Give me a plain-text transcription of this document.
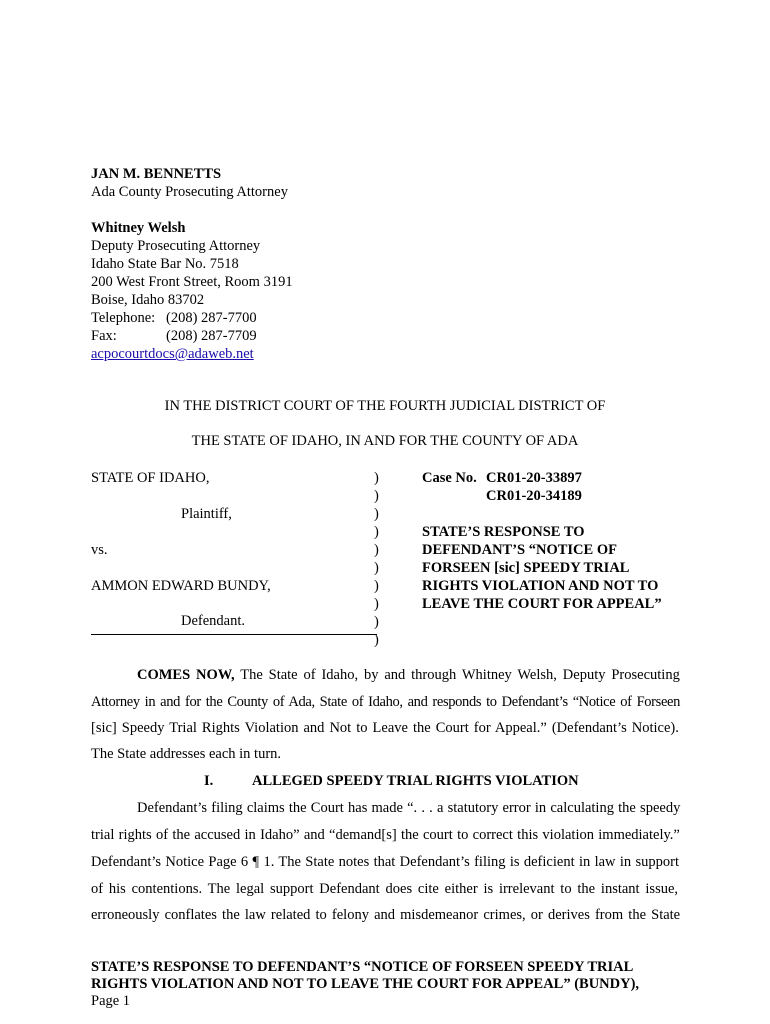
JAN M. BENNETTS
Ada County Prosecuting Attorney
Whitney Welsh
Deputy Prosecuting Attorney
Idaho State Bar No. 7518
200 West Front Street, Room 3191
Boise, Idaho 83702
Telephone: (208) 287-7700
Fax:	(208) 287-7709
acpocourtdocs@adaweb.net
IN THE DISTRICT COURT OF THE FOURTH JUDICIAL DISTRICT OF
THE STATE OF IDAHO, IN AND FOR THE COUNTY OF ADA
STATE OF IDAHO,
Plaintiff,
vs.
AMMON EDWARD BUNDY,
Defendant.
)
)
)
)
)
)
)
)
)
)
Case No. CR01-20-33897
CR01-20-34189
STATE’S RESPONSE TO
DEFENDANT’S “NOTICE OF
FORSEEN [sic] SPEEDY TRIAL
RIGHTS VIOLATION AND NOT TO
LEAVE THE COURT FOR APPEAL”
COMES NOW, The State of Idaho, by and through Whitney Welsh, Deputy Prosecuting
Attorney in and for the County of Ada, State of Idaho, and responds to Defendant’s “Notice of Forseen
[sic] Speedy Trial Rights Violation and Not to Leave the Court for Appeal.” (Defendant’s Notice).
The State addresses each in turn.
I.	ALLEGED SPEEDY TRIAL RIGHTS VIOLATION
Defendant’s filing claims the Court has made “. . . a statutory error in calculating the speedy
trial rights of the accused in Idaho” and “demand[s] the court to correct this violation immediately.”
Defendant’s Notice Page 6 ¶ 1. The State notes that Defendant’s filing is deficient in law in support
of his contentions. The legal support Defendant does cite either is irrelevant to the instant issue,
erroneously conflates the law related to felony and misdemeanor crimes, or derives from the State
STATE’S RESPONSE TO DEFENDANT’S “NOTICE OF FORSEEN SPEEDY TRIAL
RIGHTS VIOLATION AND NOT TO LEAVE THE COURT FOR APPEAL” (BUNDY),
Page 1
